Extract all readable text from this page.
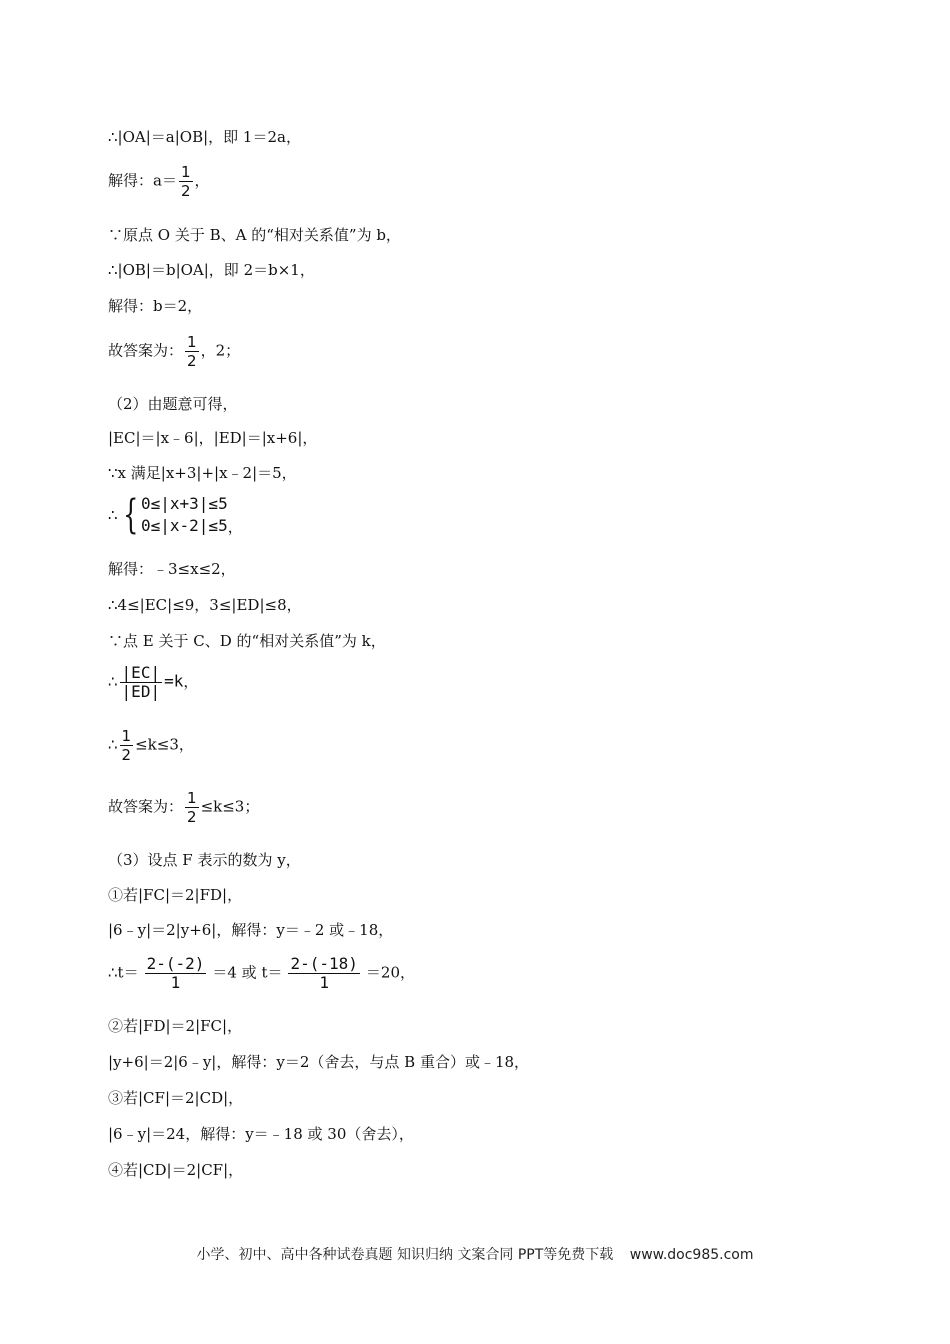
∴|OA|＝a|OB|，即 1＝2a，
解得：$a= \frac{1}{2}$ ，
∵原点 O 关于 B、A 的“相对关系值”为 b，
∴|OB|＝b|OA|，即 2＝b×1，
解得：b＝2，
故答案为： $\frac{1}{2}$ ，2；
（2）由题意可得，
|EC|＝|x﹣6|，|ED|＝|x+6|，
∵x 满足|x+3|+|x﹣2|＝5，
∴ { 0≤|x+3|≤5
0≤|x-2|≤5 ，
解得：﹣3≤x≤2，
∴4≤|EC|≤9，3≤|ED|≤8，
∵点 E 关于 C、D 的“相对关系值”为 k，
∴ $\frac{|EC|}{|ED|} =k$，
∴ $\frac{1}{2} \le k\le 3$，
故答案为： $\frac{1}{2} \le k\le 3$；
（3）设点 F 表示的数为 y，
①若|FC|＝2|FD|，
|6﹣y|＝2|y+6|，解得：y＝﹣2 或﹣18，
∴t＝ $\frac{2-(-2)}{1} =4$ 或 $t= \frac{2-(-18)}{1} =20$，
②若|FD|＝2|FC|，
|y+6|＝2|6﹣y|，解得：y＝2（舍去，与点 B 重合）或﹣18，
③若|CF|＝2|CD|，
|6﹣y|＝24，解得：y＝﹣18 或 30（舍去），
④若|CD|＝2|CF|，
小学、初中、高中各种试卷真题 知识归纳 文案合同 PPT等免费下载 www.doc985.com
